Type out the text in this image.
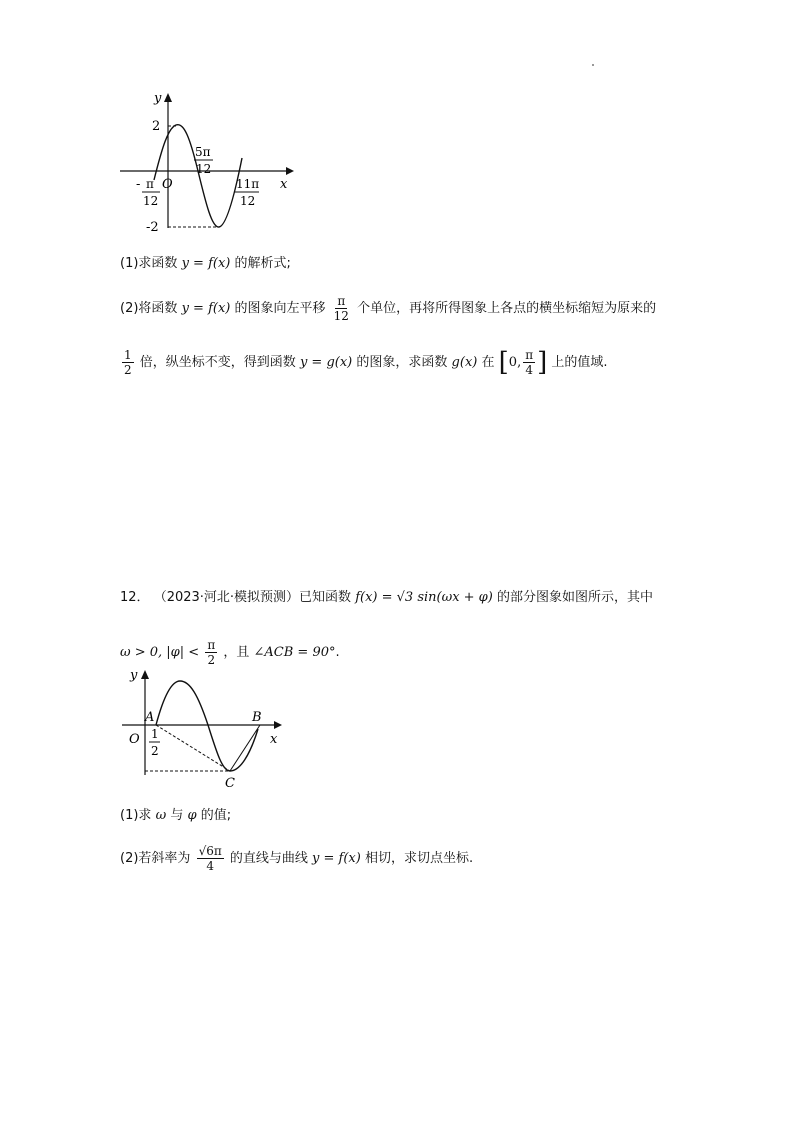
y
x
O
2
-2
- π
12
5π
12
11π
12
(1)求函数 y = f(x) 的解析式;
(2)将函数 y = f(x) 的图象向左平移 $\frac{\pi}{12}$ 个单位，再将所得图象上各点的横坐标缩短为原来的
$\frac{1}{2}$ 倍，纵坐标不变，得到函数 y = g(x) 的图象，求函数 g(x) 在 [0, $\frac{\pi}{4}$ ] 上的值域.
12． （2023·河北·模拟预测）已知函数 f(x) = √3 sin(ωx + φ) 的部分图象如图所示，其中
ω > 0, $|\varphi| < \frac{\pi}{2}$ ，且 ∠ACB = 90°.
y
x
O
A	B
C
1
2
(1)求 ω 与 φ 的值;
(2)若斜率为 $\frac{√6\pi}{4}$ 的直线与曲线 y = f(x) 相切，求切点坐标.
